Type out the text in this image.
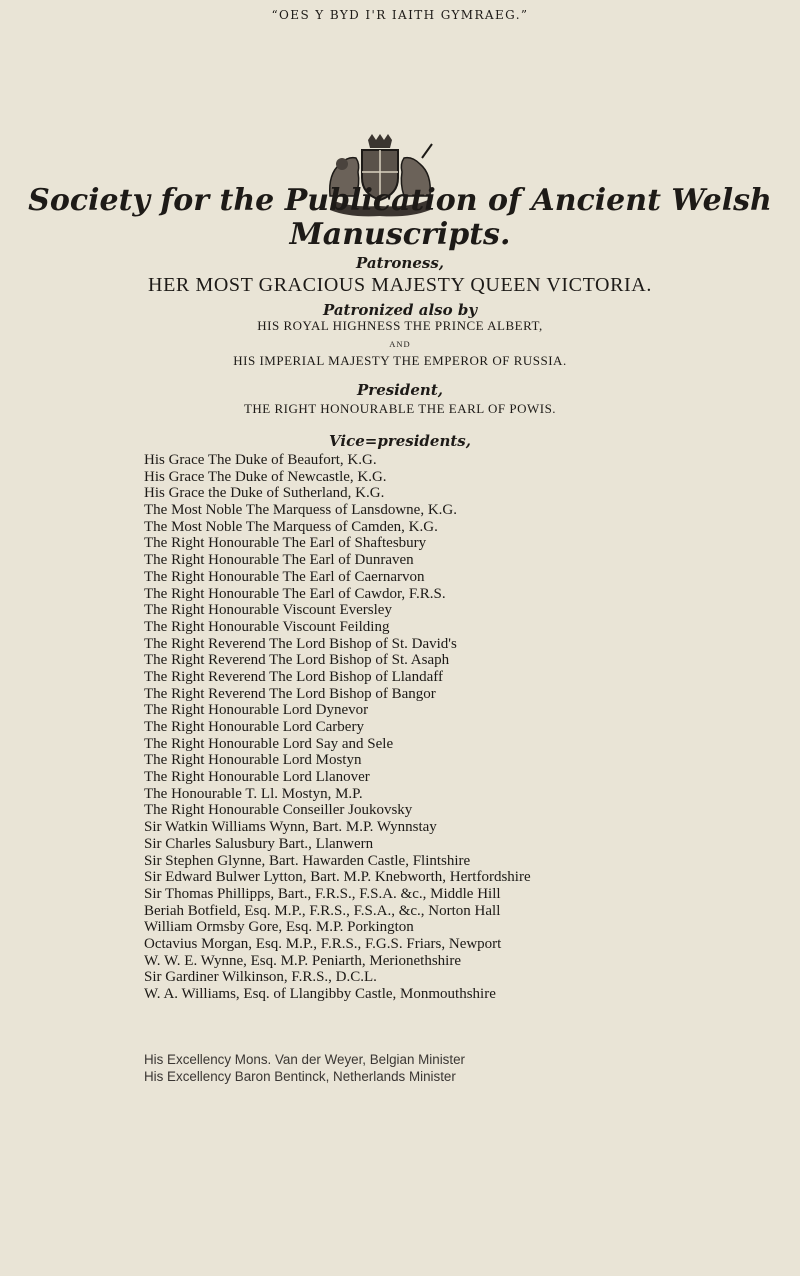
“OES Y BYD I'R IAITH GYMRAEG.”
Society for the Publication of Ancient Welsh
Manuscripts.
Patroness,
HER MOST GRACIOUS MAJESTY QUEEN VICTORIA.
Patronized also by
HIS ROYAL HIGHNESS THE PRINCE ALBERT,
AND
HIS IMPERIAL MAJESTY THE EMPEROR OF RUSSIA.
President,
THE RIGHT HONOURABLE THE EARL OF POWIS.
Vice=presidents,
His Grace The Duke of Beaufort, K.G.
His Grace The Duke of Newcastle, K.G.
His Grace the Duke of Sutherland, K.G.
The Most Noble The Marquess of Lansdowne, K.G.
The Most Noble The Marquess of Camden, K.G.
The Right Honourable The Earl of Shaftesbury
The Right Honourable The Earl of Dunraven
The Right Honourable The Earl of Caernarvon
The Right Honourable The Earl of Cawdor, F.R.S.
The Right Honourable Viscount Eversley
The Right Honourable Viscount Feilding
The Right Reverend The Lord Bishop of St. David's
The Right Reverend The Lord Bishop of St. Asaph
The Right Reverend The Lord Bishop of Llandaff
The Right Reverend The Lord Bishop of Bangor
The Right Honourable Lord Dynevor
The Right Honourable Lord Carbery
The Right Honourable Lord Say and Sele
The Right Honourable Lord Mostyn
The Right Honourable Lord Llanover
The Honourable T. Ll. Mostyn, M.P.
The Right Honourable Conseiller Joukovsky
Sir Watkin Williams Wynn, Bart. M.P. Wynnstay
Sir Charles Salusbury Bart., Llanwern
Sir Stephen Glynne, Bart. Hawarden Castle, Flintshire
Sir Edward Bulwer Lytton, Bart. M.P. Knebworth, Hertfordshire
Sir Thomas Phillipps, Bart., F.R.S., F.S.A. &c., Middle Hill
Beriah Botfield, Esq. M.P., F.R.S., F.S.A., &c., Norton Hall
William Ormsby Gore, Esq. M.P. Porkington
Octavius Morgan, Esq. M.P., F.R.S., F.G.S. Friars, Newport
W. W. E. Wynne, Esq. M.P. Peniarth, Merionethshire
Sir Gardiner Wilkinson, F.R.S., D.C.L.
W. A. Williams, Esq. of Llangibby Castle, Monmouthshire
His Excellency Mons. Van der Weyer, Belgian Minister
His Excellency Baron Bentinck, Netherlands Minister
